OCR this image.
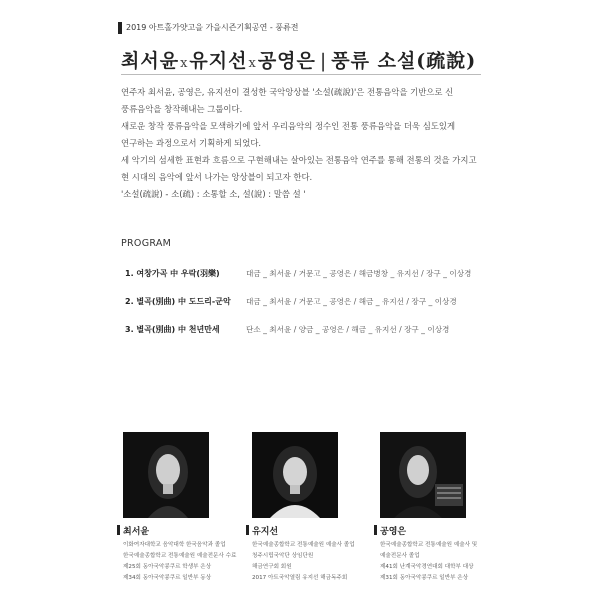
2019 아트홀가얏고을 가을시즌기획공연 - 풍류전
최서윤x유지선x공영은 | 풍류 소설(疏說)

연주자 최서윤, 공영은, 유지선이 결성한 국악앙상블 '소설(疏說)'은 전통음악을 기반으로 신

풍류음악을 창작해내는 그룹이다.

새로운 창작 풍류음악을 모색하기에 앞서 우리음악의 정수인 전통 풍류음악을 더욱 심도있게

연구하는 과정으로서 기획하게 되었다.

세 악기의 섬세한 표현과 흐름으로 구현해내는 살아있는 전통음악 연주를 통해 전통의 것을 가지고

현 시대의 음악에 앞서 나가는 앙상블이 되고자 한다.

'소설(疏說) - 소(疏) : 소통할 소, 설(說) : 말씀 설 '

PROGRAM
1. 여창가곡 中 우락(羽樂)	대금 _ 최서윤 / 거문고 _ 공영은 / 해금병창 _ 유지선 / 장구 _ 이상경
2. 별곡(別曲) 中 도드리-군악 대금 _ 최서윤 / 거문고 _ 공영은 / 해금 _ 유지선 / 장구 _ 이상경
3. 별곡(別曲) 中 천년만세	단소 _ 최서윤 / 양금 _ 공영은 / 해금 _ 유지선 / 장구 _ 이상경
최서윤
이화여자대학교 음악대학 한국음악과 졸업
한국예술종합학교 전통예술원 예술전문사 수료
제25회 동아국악콩쿠르 학생부 은상
제34회 동아국악콩쿠르 일반부 동상
유지선
한국예술종합학교 전통예술원 예술사 졸업
청주시립국악단 상임단원
해금연구회 회원
2017 아트국악열림 유지선 해금독주회
공영은
한국예술종합학교 전통예술원 예술사 및
예술전문사 졸업
제41회 난계국악경연대회 대학부 대상
제31회 동아국악콩쿠르 일반부 은상
